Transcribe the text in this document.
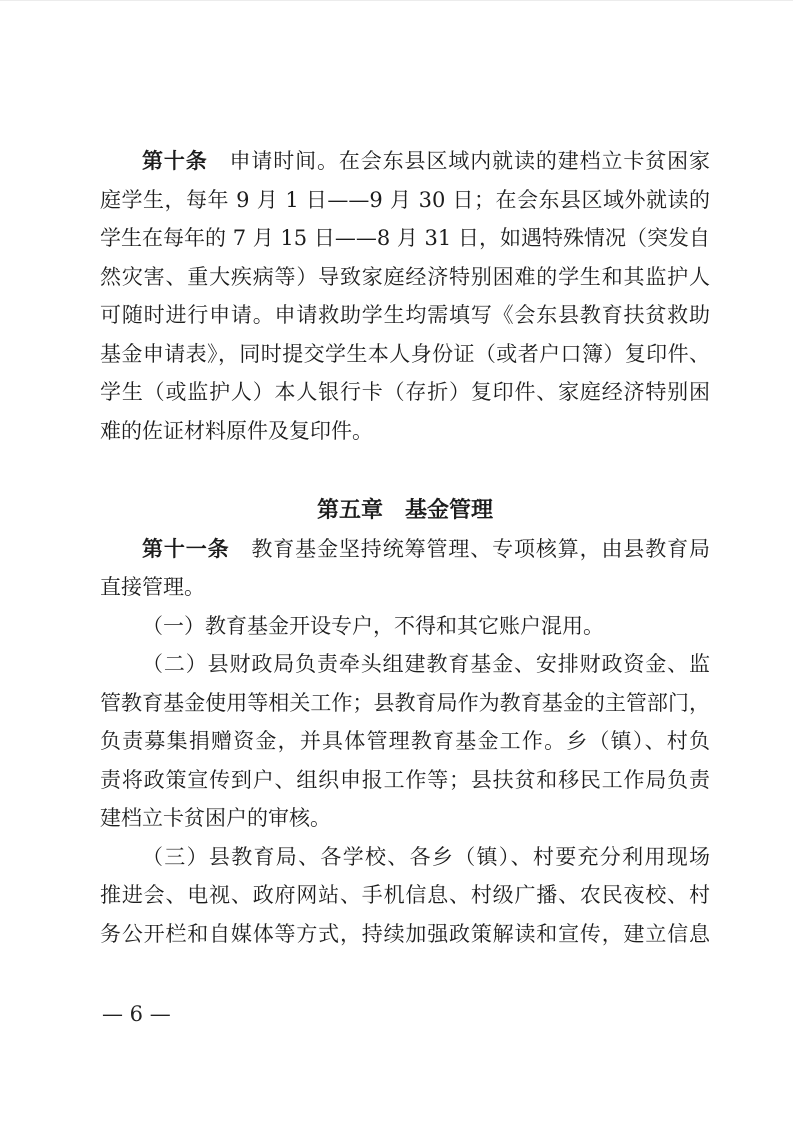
第十条　申请时间。在会东县区域内就读的建档立卡贫困家
庭学生，每年 9 月 1 日——9 月 30 日；在会东县区域外就读的
学生在每年的 7 月 15 日——8 月 31 日，如遇特殊情况（突发自
然灾害、重大疾病等）导致家庭经济特别困难的学生和其监护人
可随时进行申请。申请救助学生均需填写《会东县教育扶贫救助
基金申请表》，同时提交学生本人身份证（或者户口簿）复印件、
学生（或监护人）本人银行卡（存折）复印件、家庭经济特别困
难的佐证材料原件及复印件。
第五章　基金管理
第十一条　教育基金坚持统筹管理、专项核算，由县教育局
直接管理。
（一）教育基金开设专户，不得和其它账户混用。
（二）县财政局负责牵头组建教育基金、安排财政资金、监
管教育基金使用等相关工作；县教育局作为教育基金的主管部门，
负责募集捐赠资金，并具体管理教育基金工作。乡（镇）、村负
责将政策宣传到户、组织申报工作等；县扶贫和移民工作局负责
建档立卡贫困户的审核。
（三）县教育局、各学校、各乡（镇）、村要充分利用现场
推进会、电视、政府网站、手机信息、村级广播、农民夜校、村
务公开栏和自媒体等方式，持续加强政策解读和宣传，建立信息
— 6 —
